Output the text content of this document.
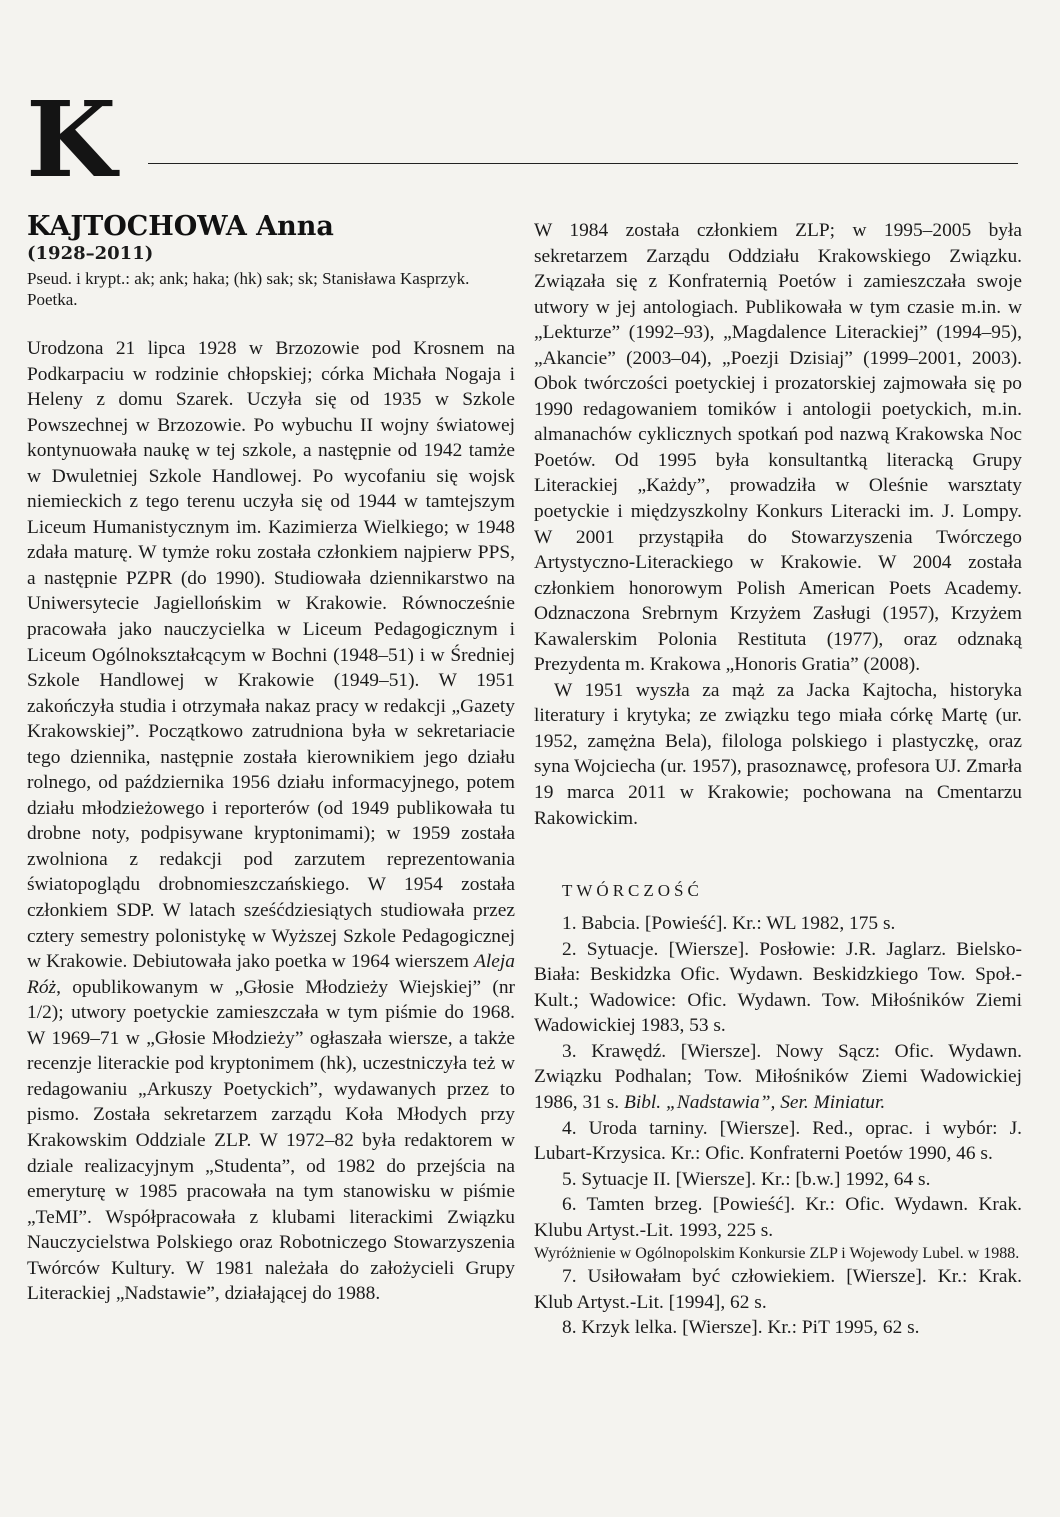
K
KAJTOCHOWA Anna
(1928–2011)

Pseud. i krypt.: ak; ank; haka; (hk) sak; sk; Stanisława Kasprzyk.

Poetka.

Urodzona 21 lipca 1928 w Brzozowie pod Krosnem na Podkarpaciu w rodzinie chłopskiej; córka Michała Nogaja i Heleny z domu Szarek. Uczyła się od 1935 w Szkole Powszechnej w Brzozowie. Po wybuchu II wojny światowej kontynuowała naukę w tej szkole, a następnie od 1942 tamże w Dwuletniej Szkole Handlowej. Po wycofaniu się wojsk niemieckich z tego terenu uczyła się od 1944 w tamtejszym Liceum Humanistycznym im. Kazimierza Wielkiego; w 1948 zdała maturę. W tymże roku została członkiem najpierw PPS, a następnie PZPR (do 1990). Studiowała dziennikarstwo na Uniwersytecie Jagiellońskim w Krakowie. Równocześnie pracowała jako nauczycielka w Liceum Pedagogicznym i Liceum Ogólnokształcącym w Bochni (1948–51) i w Średniej Szkole Handlowej w Krakowie (1949–51). W 1951 zakończyła studia i otrzymała nakaz pracy w redakcji „Gazety Krakowskiej”. Początkowo zatrudniona była w sekretariacie tego dziennika, następnie została kierownikiem jego działu rolnego, od października 1956 działu informacyjnego, potem działu młodzieżowego i reporterów (od 1949 publikowała tu drobne noty, podpisywane kryptonimami); w 1959 została zwolniona z redakcji pod zarzutem reprezentowania światopoglądu drobnomieszczańskiego. W 1954 została członkiem SDP. W latach sześćdziesiątych studiowała przez cztery semestry polonistykę w Wyższej Szkole Pedagogicznej w Krakowie. Debiutowała jako poetka w 1964 wierszem Aleja Róż, opublikowanym w „Głosie Młodzieży Wiejskiej” (nr 1/2); utwory poetyckie zamieszczała w tym piśmie do 1968. W 1969–71 w „Głosie Młodzieży” ogłaszała wiersze, a także recenzje literackie pod kryptonimem (hk), uczestniczyła też w redagowaniu „Arkuszy Poetyckich”, wydawanych przez to pismo. Została sekretarzem zarządu Koła Młodych przy Krakowskim Oddziale ZLP. W 1972–82 była redaktorem w dziale realizacyjnym „Studenta”, od 1982 do przejścia na emeryturę w 1985 pracowała na tym stanowisku w piśmie „TeMI”. Współpracowała z klubami literackimi Związku Nauczycielstwa Polskiego oraz Robotniczego Stowarzyszenia Twórców Kultury. W 1981 należała do założycieli Grupy Literackiej „Nadstawie”, działającej do 1988.

W 1984 została członkiem ZLP; w 1995–2005 była sekretarzem Zarządu Oddziału Krakowskiego Związku. Związała się z Konfraternią Poetów i zamieszczała swoje utwory w jej antologiach. Publikowała w tym czasie m.in. w „Lekturze” (1992–93), „Magdalence Literackiej” (1994–95), „Akancie” (2003–04), „Poezji Dzisiaj” (1999–2001, 2003). Obok twórczości poetyckiej i prozatorskiej zajmowała się po 1990 redagowaniem tomików i antologii poetyckich, m.in. almanachów cyklicznych spotkań pod nazwą Krakowska Noc Poetów. Od 1995 była konsultantką literacką Grupy Literackiej „Każdy”, prowadziła w Oleśnie warsztaty poetyckie i międzyszkolny Konkurs Literacki im. J. Lompy. W 2001 przystąpiła do Stowarzyszenia Twórczego Artystyczno-Literackiego w Krakowie. W 2004 została członkiem honorowym Polish American Poets Academy. Odznaczona Srebrnym Krzyżem Zasługi (1957), Krzyżem Kawalerskim Polonia Restituta (1977), oraz odznaką Prezydenta m. Krakowa „Honoris Gratia” (2008).

W 1951 wyszła za mąż za Jacka Kajtocha, historyka literatury i krytyka; ze związku tego miała córkę Martę (ur. 1952, zamężna Bela), filologa polskiego i plastyczkę, oraz syna Wojciecha (ur. 1957), prasoznawcę, profesora UJ. Zmarła 19 marca 2011 w Krakowie; pochowana na Cmentarzu Rakowickim.

TWÓRCZOŚĆ
1. Babcia. [Powieść]. Kr.: WL 1982, 175 s.
2. Sytuacje. [Wiersze]. Posłowie: J.R. Jaglarz. Bielsko-Biała: Beskidzka Ofic. Wydawn. Beskidzkiego Tow. Społ.-Kult.; Wadowice: Ofic. Wydawn. Tow. Miłośników Ziemi Wadowickiej 1983, 53 s.
3. Krawędź. [Wiersze]. Nowy Sącz: Ofic. Wydawn. Związku Podhalan; Tow. Miłośników Ziemi Wadowickiej 1986, 31 s. Bibl. „Nadstawia”, Ser. Miniatur.
4. Uroda tarniny. [Wiersze]. Red., oprac. i wybór: J. Lubart-Krzysica. Kr.: Ofic. Konfraterni Poetów 1990, 46 s.
5. Sytuacje II. [Wiersze]. Kr.: [b.w.] 1992, 64 s.
6. Tamten brzeg. [Powieść]. Kr.: Ofic. Wydawn. Krak. Klubu Artyst.-Lit. 1993, 225 s.
Wyróżnienie w Ogólnopolskim Konkursie ZLP i Wojewody Lubel. w 1988.
7. Usiłowałam być człowiekiem. [Wiersze]. Kr.: Krak. Klub Artyst.-Lit. [1994], 62 s.
8. Krzyk lelka. [Wiersze]. Kr.: PiT 1995, 62 s.
